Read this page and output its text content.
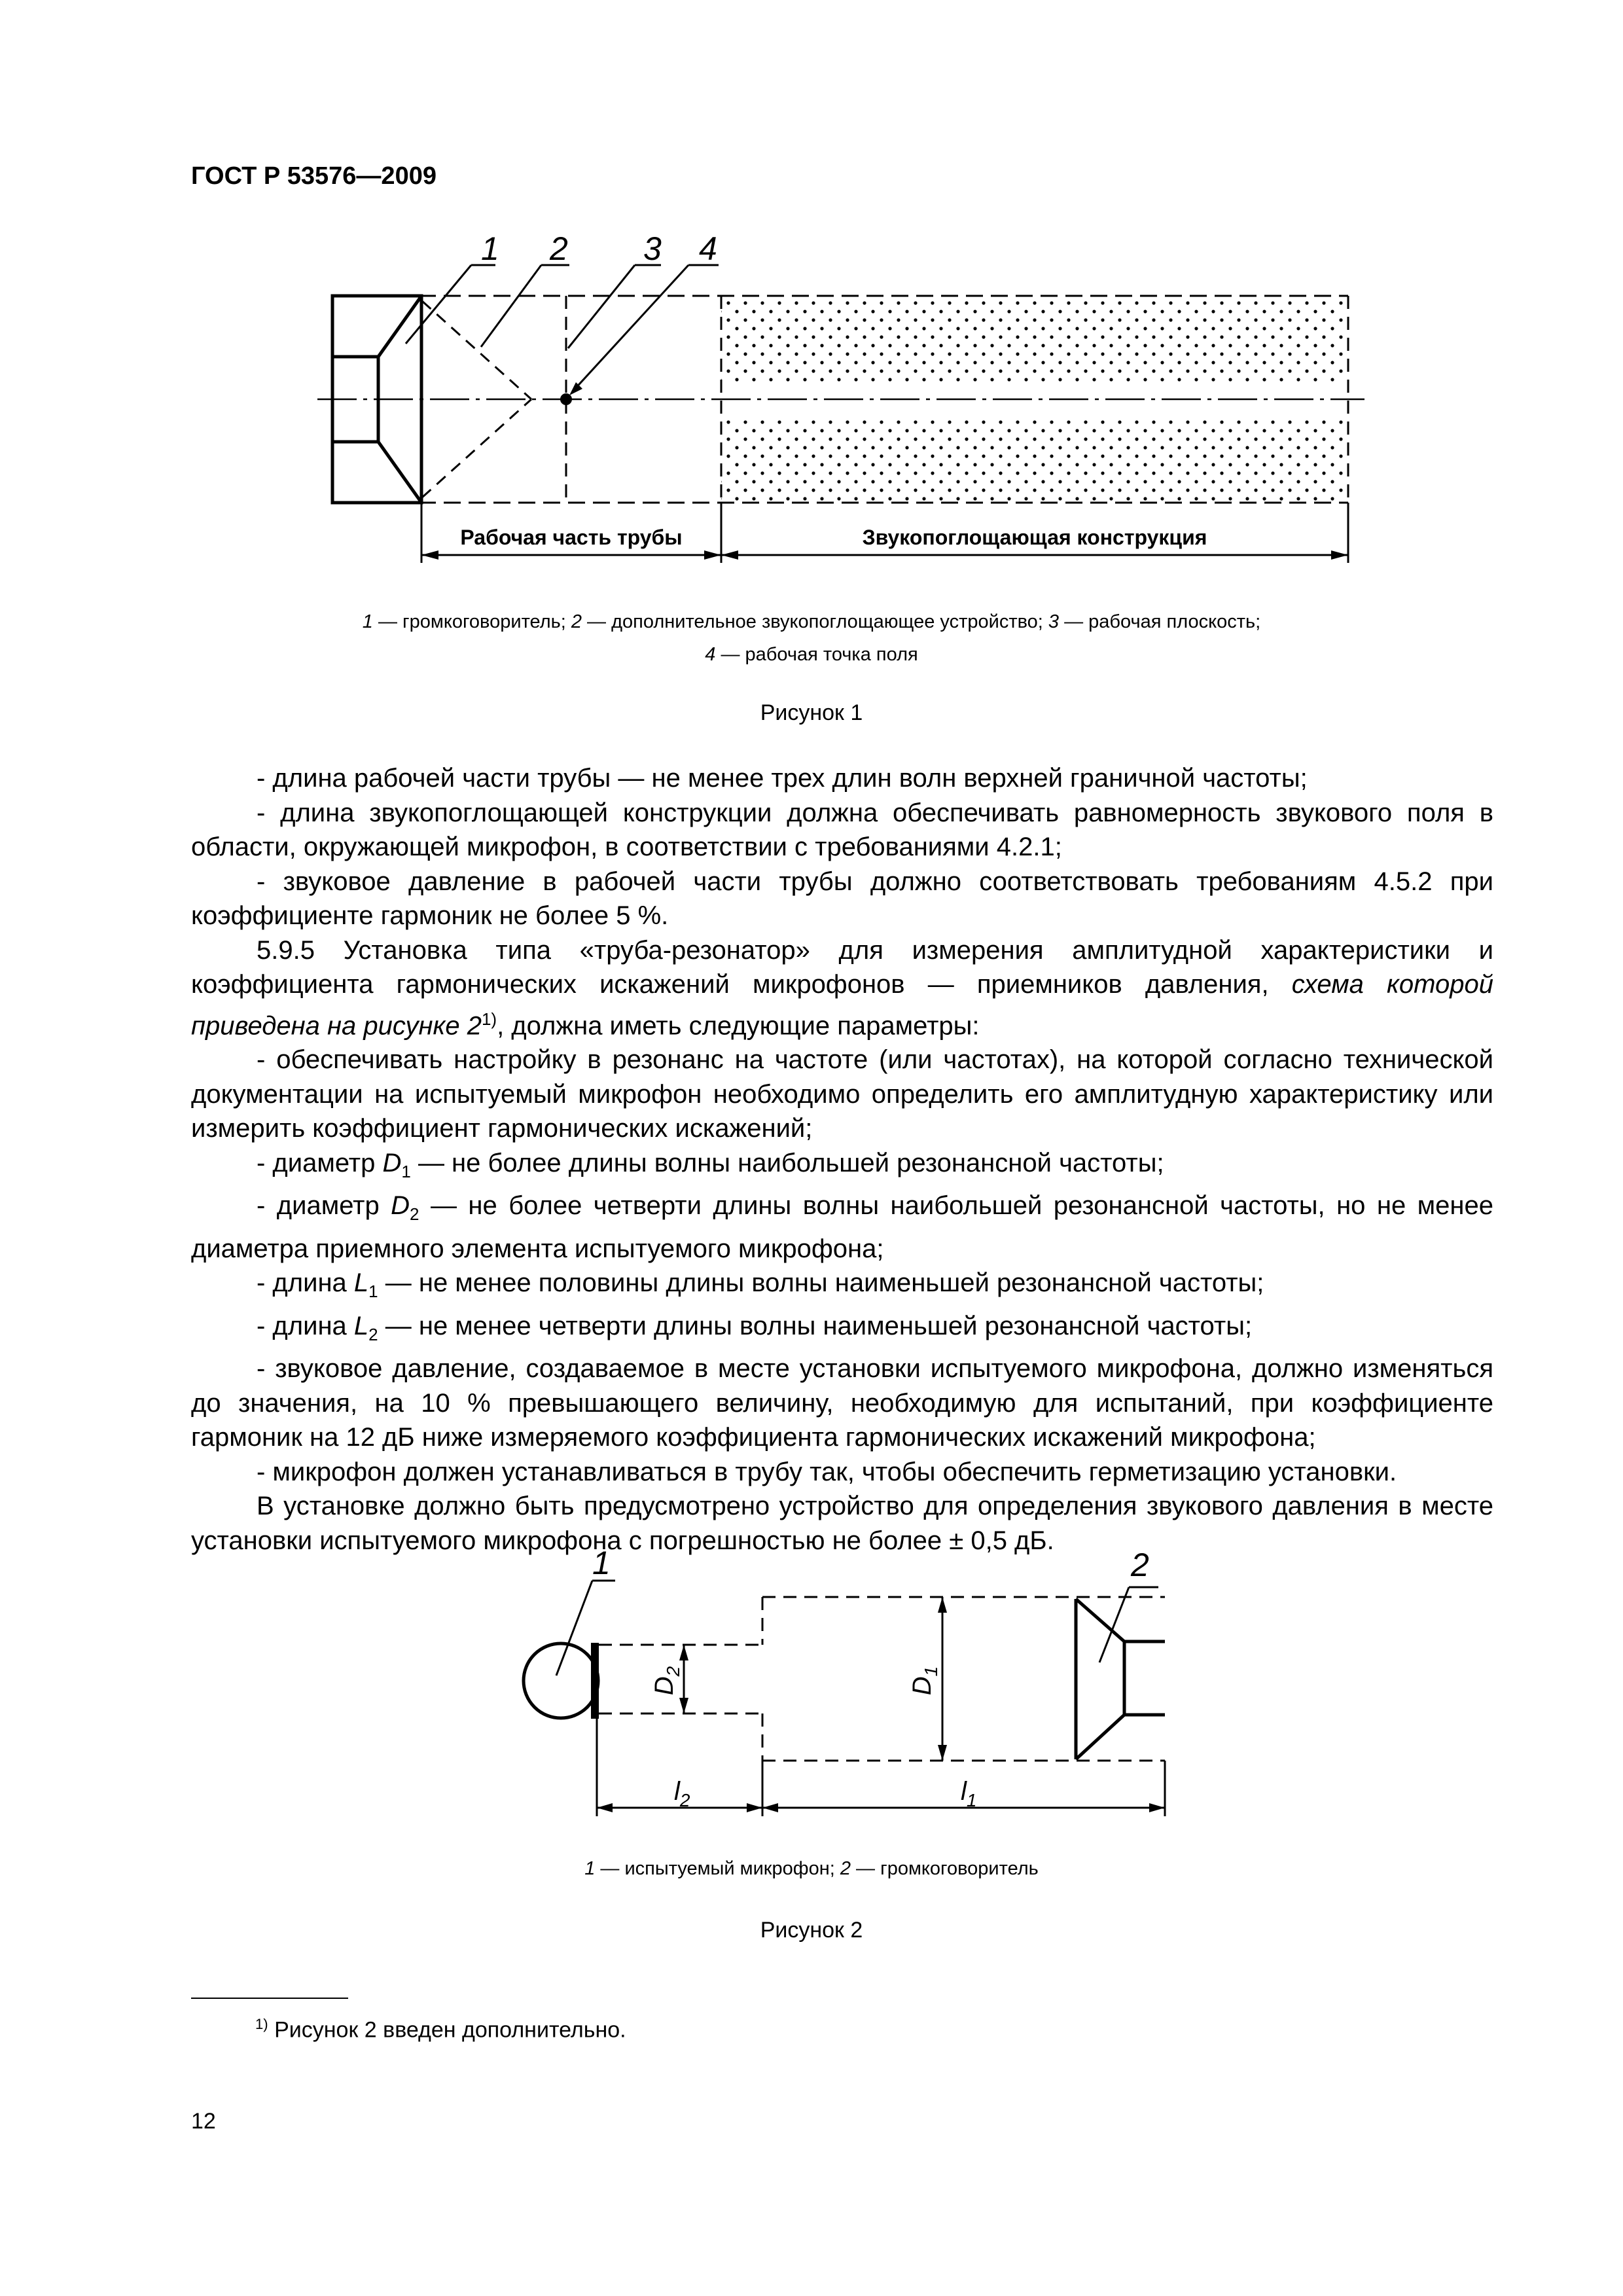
ГОСТ Р 53576—2009
1 2 3 4
Рабочая часть трубы	Звукопоглощающая конструкция
1 — громкоговоритель; 2 — дополнительное звукопоглощающее устройство; 3 — рабочая плоскость;
4 — рабочая точка поля
Рисунок 1

- длина рабочей части трубы — не менее трех длин волн верхней граничной частоты;

- длина звукопоглощающей конструкции должна обеспечивать равномерность звукового поля в области, окружающей микрофон, в соответствии с требованиями 4.2.1;

- звуковое давление в рабочей части трубы должно соответствовать требованиям 4.5.2 при коэффициенте гармоник не более 5 %.

5.9.5 Установка типа «труба-резонатор» для измерения амплитудной характеристики и коэффициента гармонических искажений микрофонов — приемников давления, схема которой приведена на рисунке 2$^{1)}$, должна иметь следующие параметры:

- обеспечивать настройку в резонанс на частоте (или частотах), на которой согласно технической документации на испытуемый микрофон необходимо определить его амплитудную характеристику или измерить коэффициент гармонических искажений;

- диаметр $D_1$ — не более длины волны наибольшей резонансной частоты;

- диаметр $D_2$ — не более четверти длины волны наибольшей резонансной частоты, но не менее диаметра приемного элемента испытуемого микрофона;

- длина $L_1$ — не менее половины длины волны наименьшей резонансной частоты;

- длина $L_2$ — не менее четверти длины волны наименьшей резонансной частоты;

- звуковое давление, создаваемое в месте установки испытуемого микрофона, должно изменяться до значения, на 10 % превышающего величину, необходимую для испытаний, при коэффициенте гармоник на 12 дБ ниже измеряемого коэффициента гармонических искажений микрофона;

- микрофон должен устанавливаться в трубу так, чтобы обеспечить герметизацию установки.

В установке должно быть предусмотрено устройство для определения звукового давления в месте установки испытуемого микрофона с погрешностью не более ± 0,5 дБ.

1	2
$D_2$
$D_1$
$l_2$	$l_1$
1 — испытуемый микрофон; 2 — громкоговоритель
Рисунок 2
$^{1)}$ Рисунок 2 введен дополнительно.
12
